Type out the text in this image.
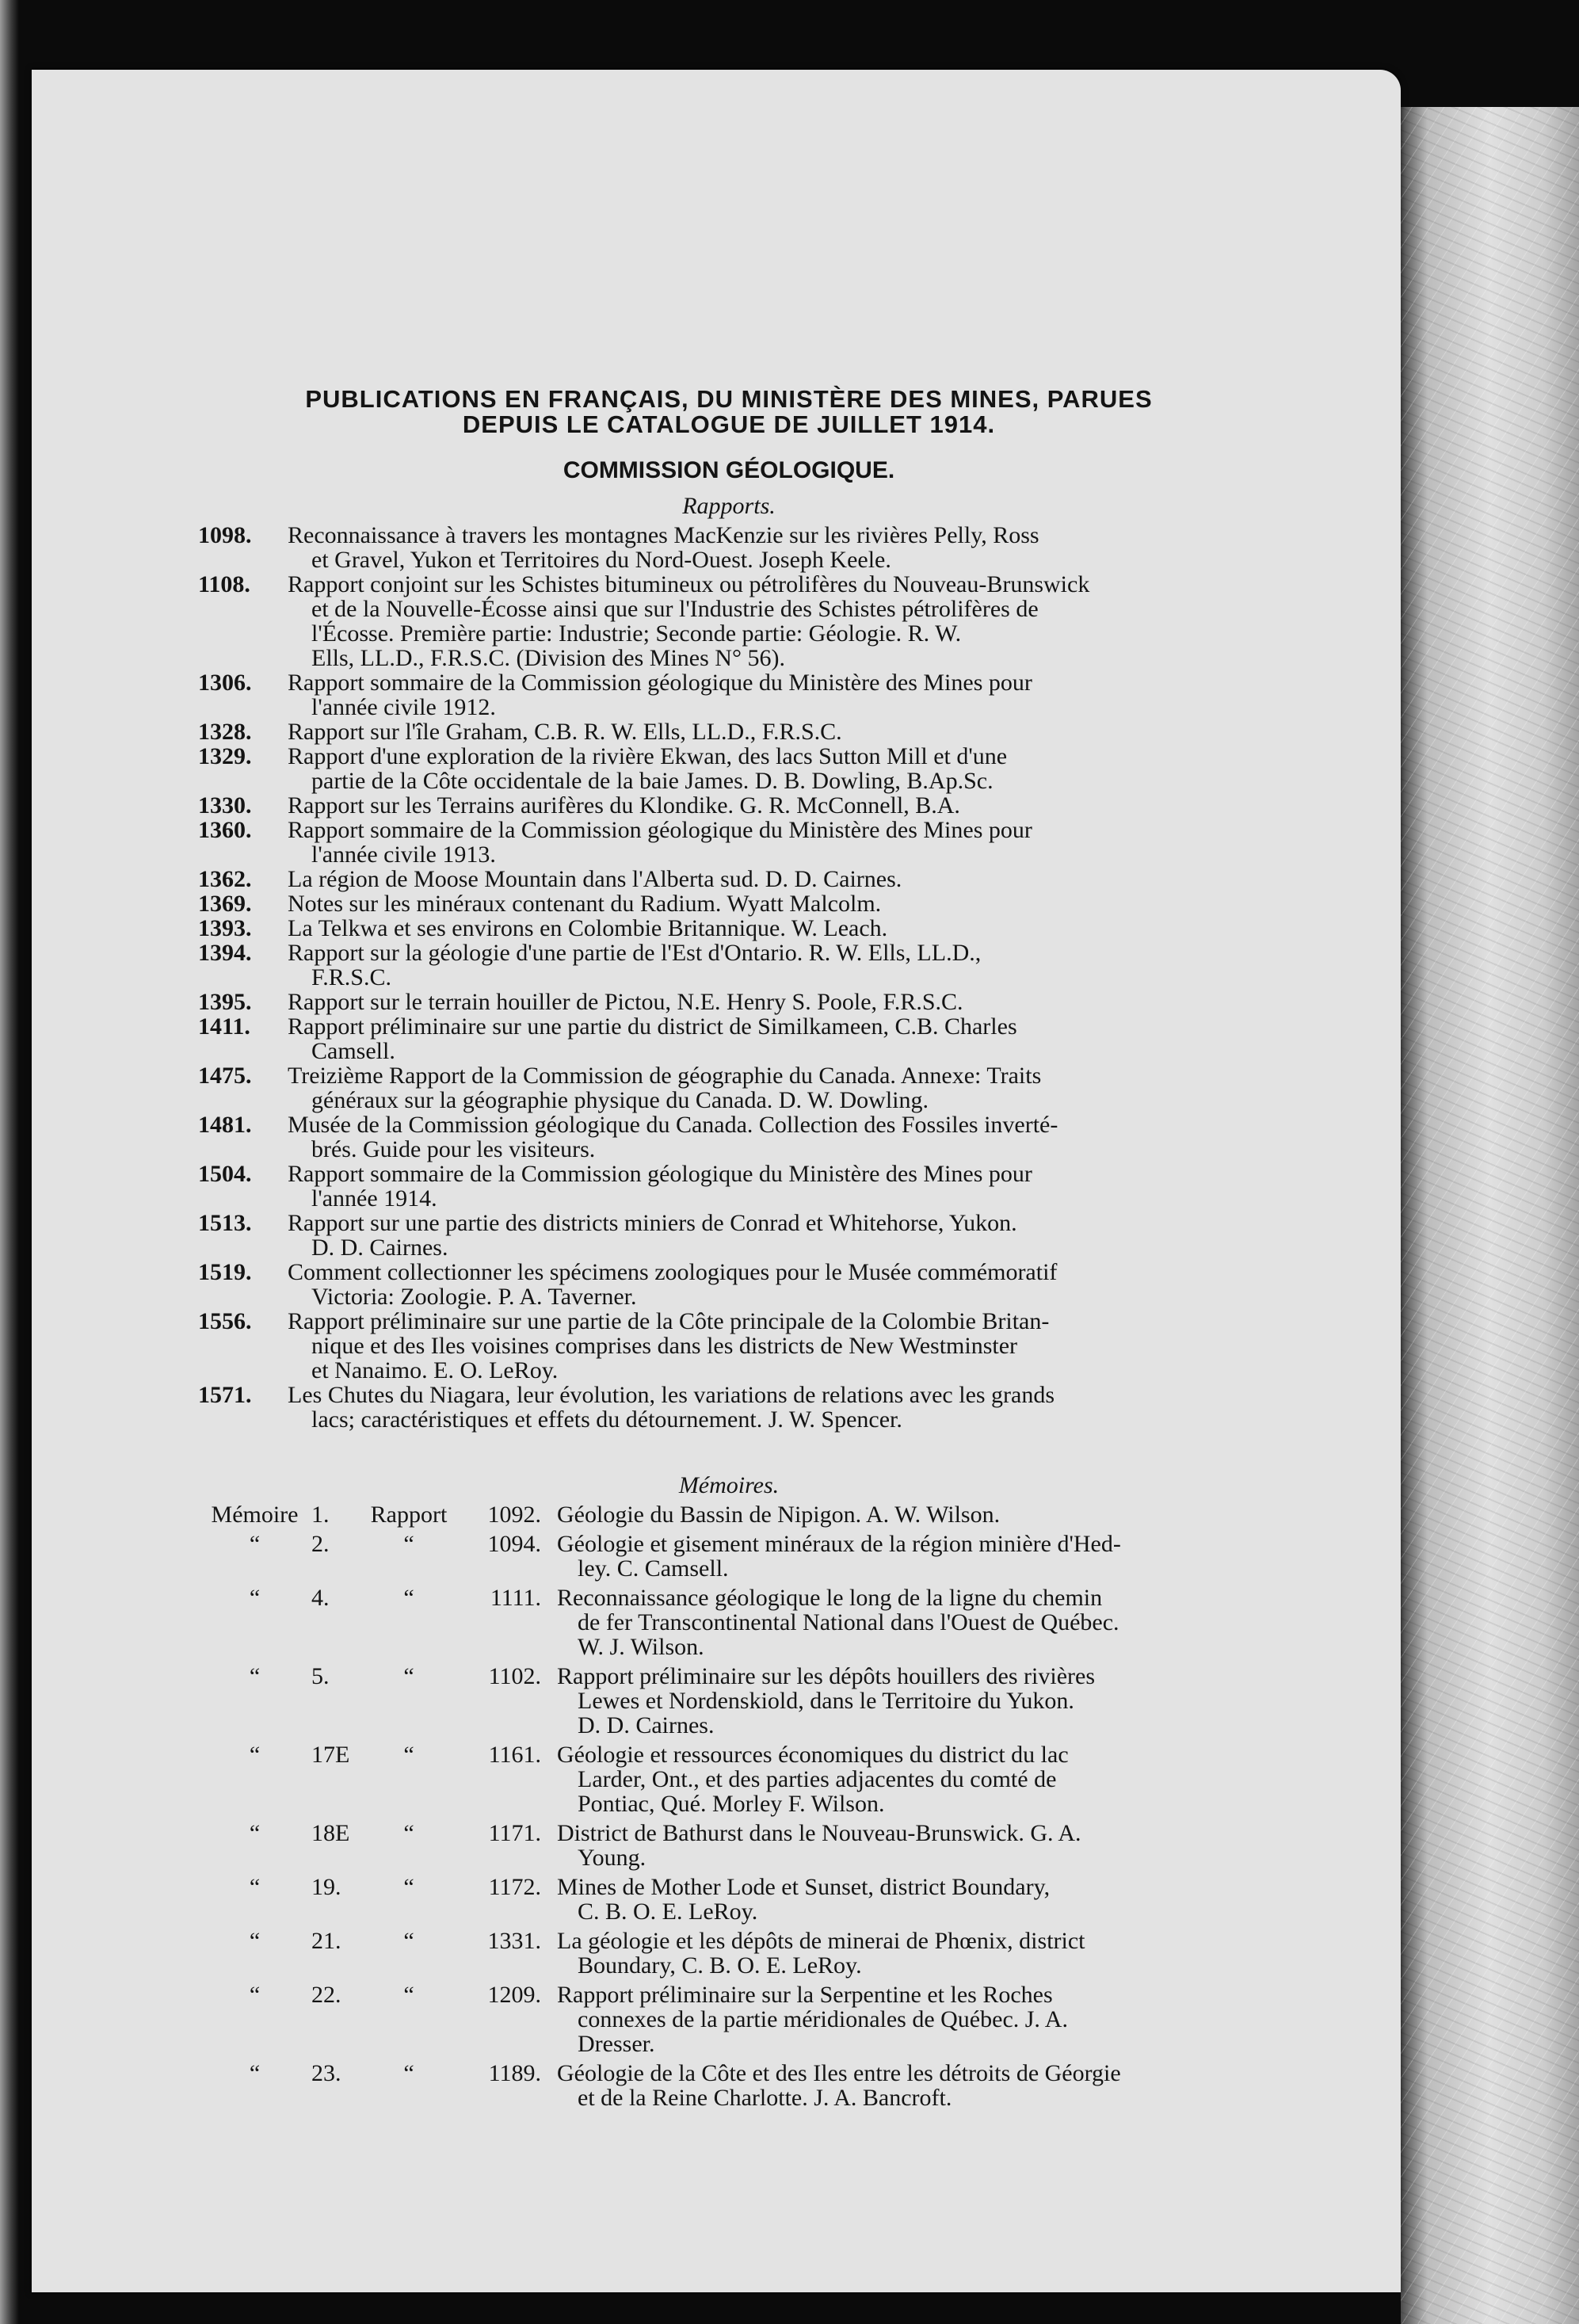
PUBLICATIONS EN FRANÇAIS, DU MINISTÈRE DES MINES, PARUES
DEPUIS LE CATALOGUE DE JUILLET 1914.
COMMISSION GÉOLOGIQUE.
Rapports.
1098.	Reconnaissance à travers les montagnes MacKenzie sur les rivières Pelly, Ross
et Gravel, Yukon et Territoires du Nord-Ouest. Joseph Keele.
1108.	Rapport conjoint sur les Schistes bitumineux ou pétrolifères du Nouveau-Brunswick
et de la Nouvelle-Écosse ainsi que sur l'Industrie des Schistes pétrolifères de
l'Écosse. Première partie: Industrie; Seconde partie: Géologie. R. W.
Ells, LL.D., F.R.S.C. (Division des Mines N° 56).
1306.	Rapport sommaire de la Commission géologique du Ministère des Mines pour
l'année civile 1912.
1328.	Rapport sur l'île Graham, C.B. R. W. Ells, LL.D., F.R.S.C.
1329.	Rapport d'une exploration de la rivière Ekwan, des lacs Sutton Mill et d'une
partie de la Côte occidentale de la baie James. D. B. Dowling, B.Ap.Sc.
1330.	Rapport sur les Terrains aurifères du Klondike. G. R. McConnell, B.A.
1360.	Rapport sommaire de la Commission géologique du Ministère des Mines pour
l'année civile 1913.
1362.	La région de Moose Mountain dans l'Alberta sud. D. D. Cairnes.
1369.	Notes sur les minéraux contenant du Radium. Wyatt Malcolm.
1393.	La Telkwa et ses environs en Colombie Britannique. W. Leach.
1394.	Rapport sur la géologie d'une partie de l'Est d'Ontario. R. W. Ells, LL.D.,
F.R.S.C.
1395.	Rapport sur le terrain houiller de Pictou, N.E. Henry S. Poole, F.R.S.C.
1411.	Rapport préliminaire sur une partie du district de Similkameen, C.B. Charles
Camsell.
1475.	Treizième Rapport de la Commission de géographie du Canada. Annexe: Traits
généraux sur la géographie physique du Canada. D. W. Dowling.
1481.	Musée de la Commission géologique du Canada. Collection des Fossiles inverté-
brés. Guide pour les visiteurs.
1504.	Rapport sommaire de la Commission géologique du Ministère des Mines pour
l'année 1914.
1513.	Rapport sur une partie des districts miniers de Conrad et Whitehorse, Yukon.
D. D. Cairnes.
1519.	Comment collectionner les spécimens zoologiques pour le Musée commémoratif
Victoria: Zoologie. P. A. Taverner.
1556.	Rapport préliminaire sur une partie de la Côte principale de la Colombie Britan-
nique et des Iles voisines comprises dans les districts de New Westminster
et Nanaimo. E. O. LeRoy.
1571.	Les Chutes du Niagara, leur évolution, les variations de relations avec les grands
lacs; caractéristiques et effets du détournement. J. W. Spencer.
Mémoires.
Mémoire 1.	Rapport	1092. Géologie du Bassin de Nipigon. A. W. Wilson.
“	2.	“	1094. Géologie et gisement minéraux de la région minière d'Hed-
ley. C. Camsell.
“	4.	“	1111. Reconnaissance géologique le long de la ligne du chemin
de fer Transcontinental National dans l'Ouest de Québec.
W. J. Wilson.
“	5.	“	1102. Rapport préliminaire sur les dépôts houillers des rivières
Lewes et Nordenskiold, dans le Territoire du Yukon.
D. D. Cairnes.
“	17E	“	1161. Géologie et ressources économiques du district du lac
Larder, Ont., et des parties adjacentes du comté de
Pontiac, Qué. Morley F. Wilson.
“	18E	“	1171. District de Bathurst dans le Nouveau-Brunswick. G. A.
Young.
“	19.	“	1172. Mines de Mother Lode et Sunset, district Boundary,
C. B. O. E. LeRoy.
“	21.	“	1331. La géologie et les dépôts de minerai de Phœnix, district
Boundary, C. B. O. E. LeRoy.
“	22.	“	1209. Rapport préliminaire sur la Serpentine et les Roches
connexes de la partie méridionales de Québec. J. A.
Dresser.
“	23.	“	1189. Géologie de la Côte et des Iles entre les détroits de Géorgie
et de la Reine Charlotte. J. A. Bancroft.
